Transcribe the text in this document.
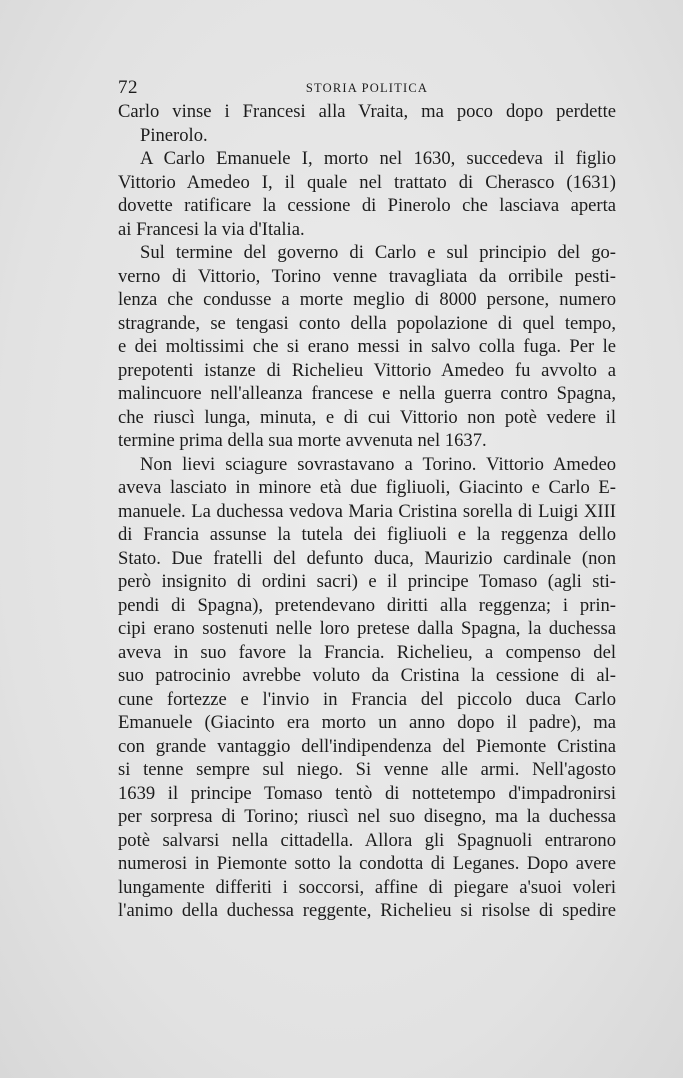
72	STORIA POLITICA

Carlo vinse i Francesi alla Vraita, ma poco dopo perdette
Pinerolo.

A Carlo Emanuele I, morto nel 1630, succedeva il figlio
Vittorio Amedeo I, il quale nel trattato di Cherasco (1631)
dovette ratificare la cessione di Pinerolo che lasciava aperta
ai Francesi la via d'Italia.

Sul termine del governo di Carlo e sul principio del go-
verno di Vittorio, Torino venne travagliata da orribile pesti-
lenza che condusse a morte meglio di 8000 persone, numero
stragrande, se tengasi conto della popolazione di quel tempo,
e dei moltissimi che si erano messi in salvo colla fuga. Per le
prepotenti istanze di Richelieu Vittorio Amedeo fu avvolto a
malincuore nell'alleanza francese e nella guerra contro Spagna,
che riuscì lunga, minuta, e di cui Vittorio non potè vedere il
termine prima della sua morte avvenuta nel 1637.

Non lievi sciagure sovrastavano a Torino. Vittorio Amedeo
aveva lasciato in minore età due figliuoli, Giacinto e Carlo E-
manuele. La duchessa vedova Maria Cristina sorella di Luigi XIII
di Francia assunse la tutela dei figliuoli e la reggenza dello
Stato. Due fratelli del defunto duca, Maurizio cardinale (non
però insignito di ordini sacri) e il principe Tomaso (agli sti-
pendi di Spagna), pretendevano diritti alla reggenza; i prin-
cipi erano sostenuti nelle loro pretese dalla Spagna, la duchessa
aveva in suo favore la Francia. Richelieu, a compenso del
suo patrocinio avrebbe voluto da Cristina la cessione di al-
cune fortezze e l'invio in Francia del piccolo duca Carlo
Emanuele (Giacinto era morto un anno dopo il padre), ma
con grande vantaggio dell'indipendenza del Piemonte Cristina
si tenne sempre sul niego. Si venne alle armi. Nell'agosto
1639 il principe Tomaso tentò di nottetempo d'impadronirsi
per sorpresa di Torino; riuscì nel suo disegno, ma la duchessa
potè salvarsi nella cittadella. Allora gli Spagnuoli entrarono
numerosi in Piemonte sotto la condotta di Leganes. Dopo avere
lungamente differiti i soccorsi, affine di piegare a'suoi voleri
l'animo della duchessa reggente, Richelieu si risolse di spedire
